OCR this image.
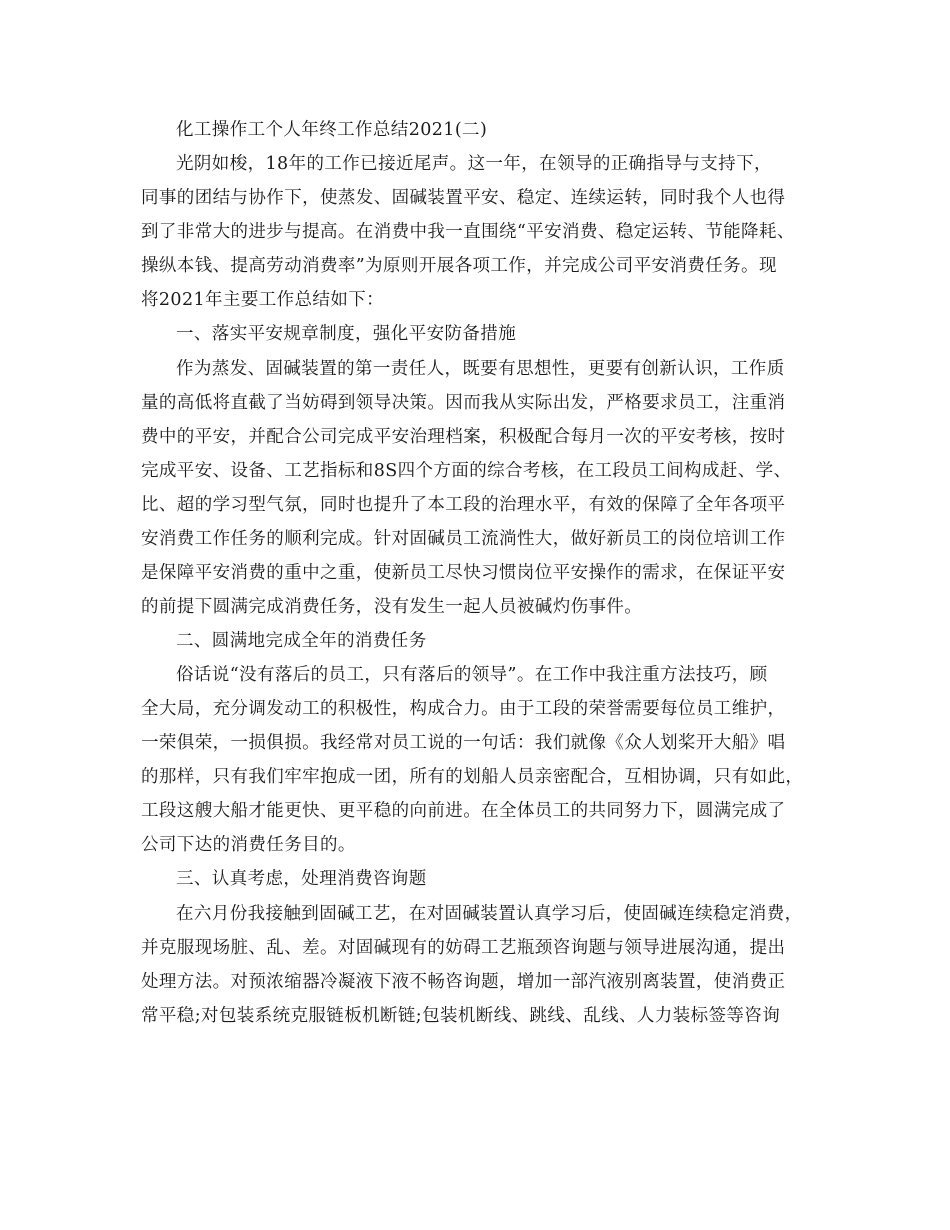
化工操作工个人年终工作总结2021(二)
光阴如梭，18年的工作已接近尾声。这一年，在领导的正确指导与支持下，
同事的团结与协作下，使蒸发、固碱装置平安、稳定、连续运转，同时我个人也得
到了非常大的进步与提高。在消费中我一直围绕“平安消费、稳定运转、节能降耗、
操纵本钱、提高劳动消费率”为原则开展各项工作，并完成公司平安消费任务。现
将2021年主要工作总结如下：
一、落实平安规章制度，强化平安防备措施
作为蒸发、固碱装置的第一责任人，既要有思想性，更要有创新认识，工作质
量的高低将直截了当妨碍到领导决策。因而我从实际出发，严格要求员工，注重消
费中的平安，并配合公司完成平安治理档案，积极配合每月一次的平安考核，按时
完成平安、设备、工艺指标和8S四个方面的综合考核，在工段员工间构成赶、学、
比、超的学习型气氛，同时也提升了本工段的治理水平，有效的保障了全年各项平
安消费工作任务的顺利完成。针对固碱员工流淌性大，做好新员工的岗位培训工作
是保障平安消费的重中之重，使新员工尽快习惯岗位平安操作的需求，在保证平安
的前提下圆满完成消费任务，没有发生一起人员被碱灼伤事件。
二、圆满地完成全年的消费任务
俗话说“没有落后的员工，只有落后的领导”。在工作中我注重方法技巧，顾
全大局，充分调发动工的积极性，构成合力。由于工段的荣誉需要每位员工维护，
一荣俱荣，一损俱损。我经常对员工说的一句话：我们就像《众人划桨开大船》唱
的那样，只有我们牢牢抱成一团，所有的划船人员亲密配合，互相协调，只有如此，
工段这艘大船才能更快、更平稳的向前进。在全体员工的共同努力下，圆满完成了
公司下达的消费任务目的。
三、认真考虑，处理消费咨询题
在六月份我接触到固碱工艺，在对固碱装置认真学习后，使固碱连续稳定消费，
并克服现场脏、乱、差。对固碱现有的妨碍工艺瓶颈咨询题与领导进展沟通，提出
处理方法。对预浓缩器冷凝液下液不畅咨询题，增加一部汽液别离装置，使消费正
常平稳;对包装系统克服链板机断链;包装机断线、跳线、乱线、人力装标签等咨询
